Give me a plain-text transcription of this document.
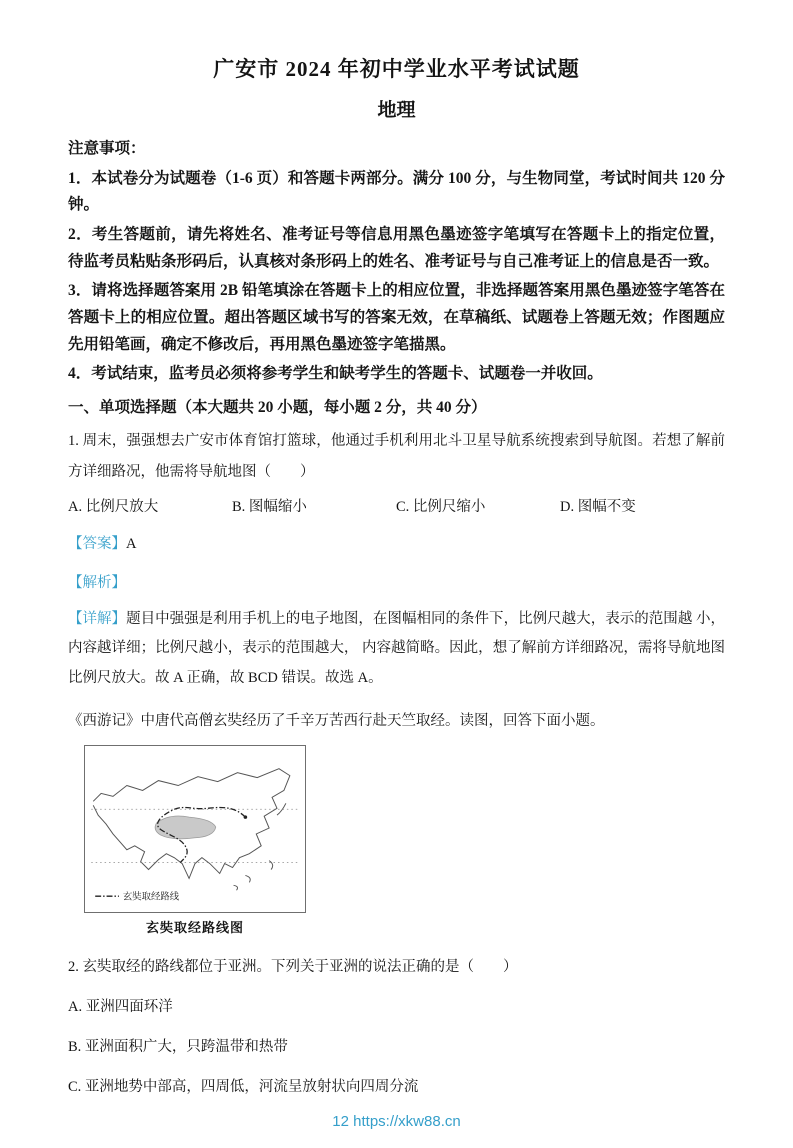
广安市 2024 年初中学业水平考试试题
地理
注意事项：

1．本试卷分为试题卷（1-6 页）和答题卡两部分。满分 100 分，与生物同堂，考试时间共 120 分钟。

2．考生答题前，请先将姓名、准考证号等信息用黑色墨迹签字笔填写在答题卡上的指定位置，待监考员粘贴条形码后，认真核对条形码上的姓名、准考证号与自己准考证上的信息是否一致。

3．请将选择题答案用 2B 铅笔填涂在答题卡上的相应位置，非选择题答案用黑色墨迹签字笔答在答题卡上的相应位置。超出答题区域书写的答案无效，在草稿纸、试题卷上答题无效；作图题应先用铅笔画，确定不修改后，再用黑色墨迹签字笔描黑。

4．考试结束，监考员必须将参考学生和缺考学生的答题卡、试题卷一并收回。

一、单项选择题（本大题共 20 小题，每小题 2 分，共 40 分）

1. 周末，强强想去广安市体育馆打篮球，他通过手机利用北斗卫星导航系统搜索到导航图。若想了解前方详细路况，他需将导航地图（　　）

A. 比例尺放大	B. 图幅缩小	C. 比例尺缩小	D. 图幅不变

【答案】A

【解析】

【详解】题目中强强是利用手机上的电子地图，在图幅相同的条件下，比例尺越大，表示的范围越 小，内容越详细；比例尺越小，表示的范围越大， 内容越简略。因此，想了解前方详细路况，需将导航地图比例尺放大。故 A 正确，故 BCD 错误。故选 A。

《西游记》中唐代高僧玄奘经历了千辛万苦西行赴天竺取经。读图，回答下面小题。

玄奘取经路线
玄奘取经路线图

2. 玄奘取经的路线都位于亚洲。下列关于亚洲的说法正确的是（　　）

A. 亚洲四面环洋

B. 亚洲面积广大，只跨温带和热带

C. 亚洲地势中部高，四周低，河流呈放射状向四周分流

12 https://xkw88.cn
